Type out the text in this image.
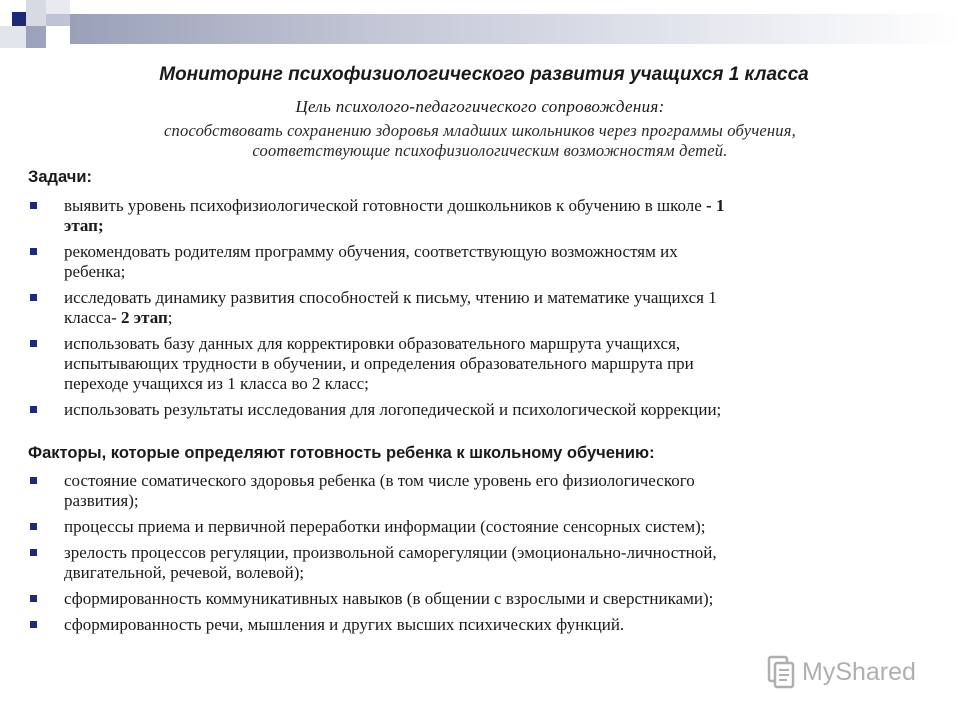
Мониторинг психофизиологического развития учащихся 1 класса
Цель психолого-педагогического сопровождения:
способствовать сохранению здоровья младших школьников через программы обучения,
соответствующие психофизиологическим возможностям детей.
Задачи:
выявить уровень психофизиологической готовности дошкольников к обучению в школе - 1
этап;
рекомендовать родителям программу обучения, соответствующую возможностям их
ребенка;
исследовать динамику развития способностей к письму, чтению и математике учащихся 1
класса- 2 этап;
использовать базу данных для корректировки образовательного маршрута учащихся,
испытывающих трудности в обучении, и определения образовательного маршрута при
переходе учащихся из 1 класса во 2 класс;
использовать результаты исследования для логопедической и психологической коррекции;
Факторы, которые определяют готовность ребенка к школьному обучению:
состояние соматического здоровья ребенка (в том числе уровень его физиологического
развития);
процессы приема и первичной переработки информации (состояние сенсорных систем);
зрелость процессов регуляции, произвольной саморегуляции (эмоционально-личностной,
двигательной, речевой, волевой);
сформированность коммуникативных навыков (в общении с взрослыми и сверстниками);
сформированность речи, мышления и других высших психических функций.
MyShared
